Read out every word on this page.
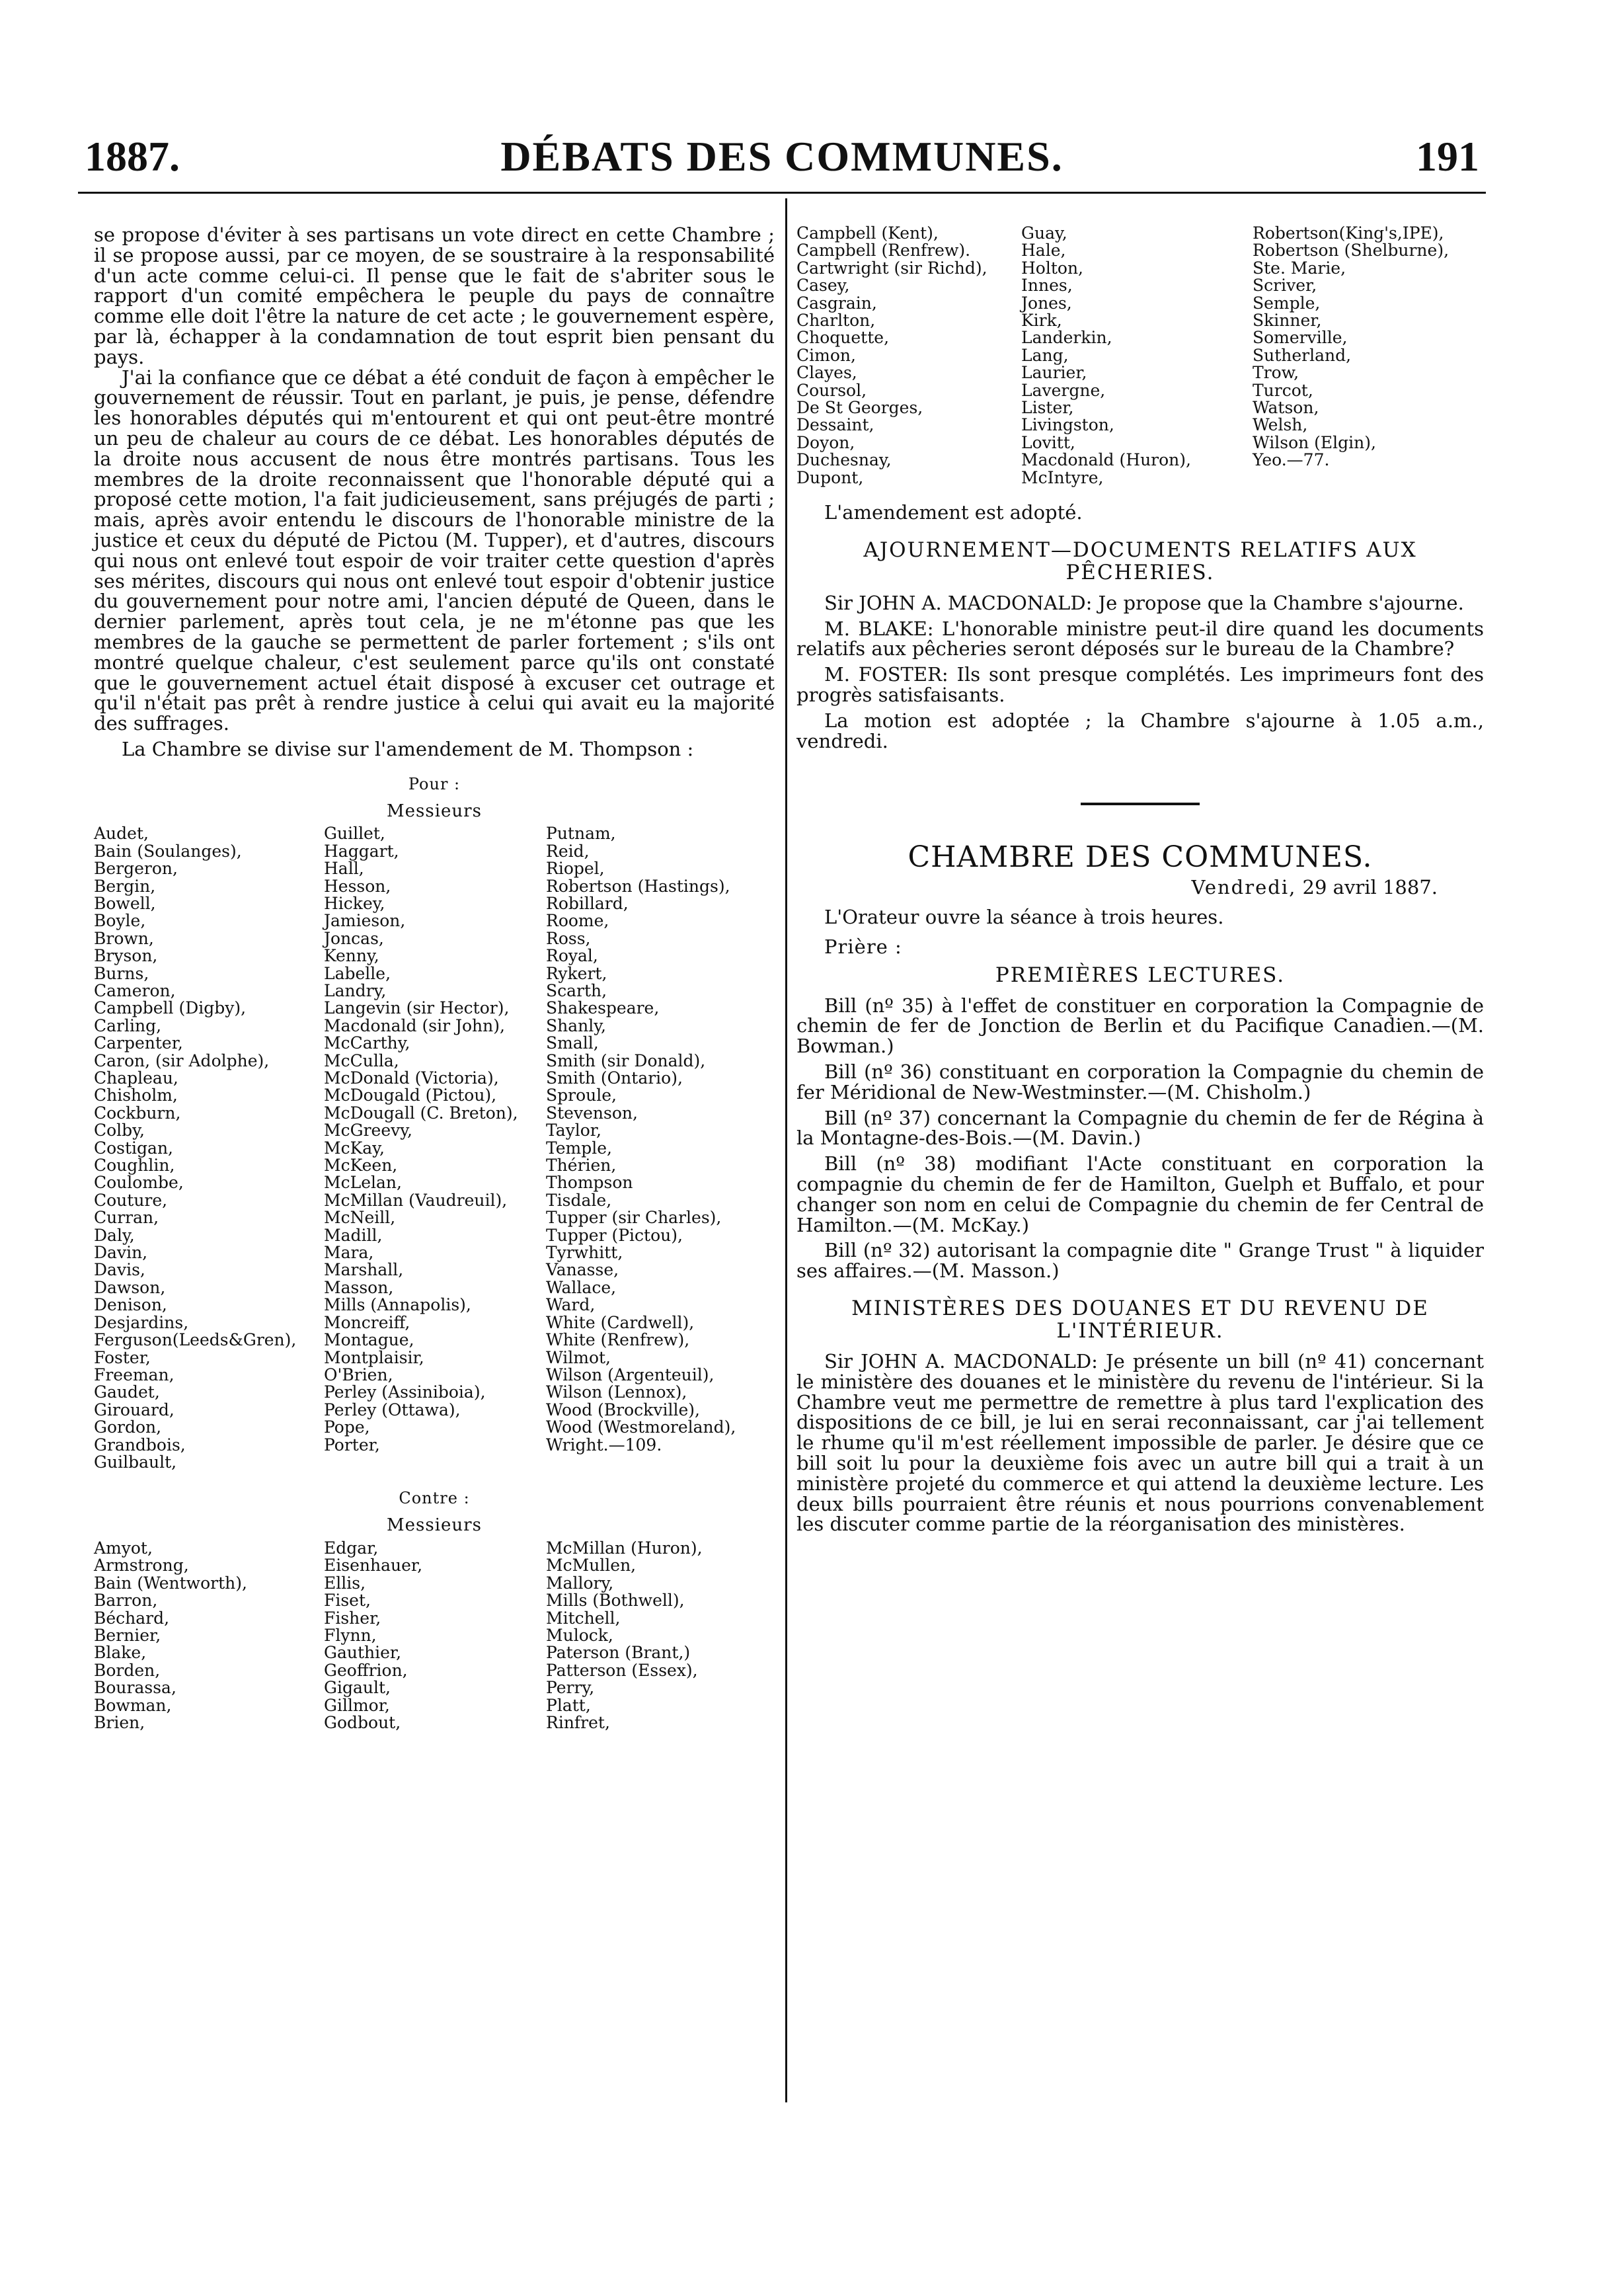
1887.	DÉBATS DES COMMUNES.	191

se propose d'éviter à ses partisans un vote direct en cette Chambre ; il se propose aussi, par ce moyen, de se soustraire à la responsabilité d'un acte comme celui-ci. Il pense que le fait de s'abriter sous le rapport d'un comité empêchera le peuple du pays de connaître comme elle doit l'être la nature de cet acte ; le gouvernement espère, par là, échapper à la condamnation de tout esprit bien pensant du pays.

J'ai la confiance que ce débat a été conduit de façon à empêcher le gouvernement de réussir. Tout en parlant, je puis, je pense, défendre les honorables députés qui m'entourent et qui ont peut-être montré un peu de chaleur au cours de ce débat. Les honorables députés de la droite nous accusent de nous être montrés partisans. Tous les membres de la droite reconnaissent que l'honorable député qui a proposé cette motion, l'a fait judicieusement, sans préjugés de parti ; mais, après avoir entendu le discours de l'honorable ministre de la justice et ceux du député de Pictou (M. Tupper), et d'autres, discours qui nous ont enlevé tout espoir de voir traiter cette question d'après ses mérites, discours qui nous ont enlevé tout espoir d'obtenir justice du gouvernement pour notre ami, l'ancien député de Queen, dans le dernier parlement, après tout cela, je ne m'étonne pas que les membres de la gauche se permettent de parler fortement ; s'ils ont montré quelque chaleur, c'est seulement parce qu'ils ont constaté que le gouvernement actuel était disposé à excuser cet outrage et qu'il n'était pas prêt à rendre justice à celui qui avait eu la majorité des suffrages.

La Chambre se divise sur l'amendement de M. Thompson :

Pour :
Messieurs
Audet,
Bain (Soulanges),
Bergeron,
Bergin,
Bowell,
Boyle,
Brown,
Bryson,
Burns,
Cameron,
Campbell (Digby),
Carling,
Carpenter,
Caron, (sir Adolphe),
Chapleau,
Chisholm,
Cockburn,
Colby,
Costigan,
Coughlin,
Coulombe,
Couture,
Curran,
Daly,
Davin,
Davis,
Dawson,
Denison,
Desjardins,
Ferguson(Leeds&Gren),
Foster,
Freeman,
Gaudet,
Girouard,
Gordon,
Grandbois,
Guilbault,
Guillet,
Haggart,
Hall,
Hesson,
Hickey,
Jamieson,
Joncas,
Kenny,
Labelle,
Landry,
Langevin (sir Hector),
Macdonald (sir John),
McCarthy,
McCulla,
McDonald (Victoria),
McDougald (Pictou),
McDougall (C. Breton),
McGreevy,
McKay,
McKeen,
McLelan,
McMillan (Vaudreuil),
McNeill,
Madill,
Mara,
Marshall,
Masson,
Mills (Annapolis),
Moncreiff,
Montague,
Montplaisir,
O'Brien,
Perley (Assiniboia),
Perley (Ottawa),
Pope,
Porter,
Putnam,
Reid,
Riopel,
Robertson (Hastings),
Robillard,
Roome,
Ross,
Royal,
Rykert,
Scarth,
Shakespeare,
Shanly,
Small,
Smith (sir Donald),
Smith (Ontario),
Sproule,
Stevenson,
Taylor,
Temple,
Thérien,
Thompson
Tisdale,
Tupper (sir Charles),
Tupper (Pictou),
Tyrwhitt,
Vanasse,
Wallace,
Ward,
White (Cardwell),
White (Renfrew),
Wilmot,
Wilson (Argenteuil),
Wilson (Lennox),
Wood (Brockville),
Wood (Westmoreland),
Wright.—109.
Contre :
Messieurs
Amyot,
Armstrong,
Bain (Wentworth),
Barron,
Béchard,
Bernier,
Blake,
Borden,
Bourassa,
Bowman,
Brien,
Edgar,
Eisenhauer,
Ellis,
Fiset,
Fisher,
Flynn,
Gauthier,
Geoffrion,
Gigault,
Gillmor,
Godbout,
McMillan (Huron),
McMullen,
Mallory,
Mills (Bothwell),
Mitchell,
Mulock,
Paterson (Brant,)
Patterson (Essex),
Perry,
Platt,
Rinfret,
Campbell (Kent),
Campbell (Renfrew).
Cartwright (sir Richd),
Casey,
Casgrain,
Charlton,
Choquette,
Cimon,
Clayes,
Coursol,
De St Georges,
Dessaint,
Doyon,
Duchesnay,
Dupont,
Guay,
Hale,
Holton,
Innes,
Jones,
Kirk,
Landerkin,
Lang,
Laurier,
Lavergne,
Lister,
Livingston,
Lovitt,
Macdonald (Huron),
McIntyre,
Robertson(King's,IPE),
Robertson (Shelburne),
Ste. Marie,
Scriver,
Semple,
Skinner,
Somerville,
Sutherland,
Trow,
Turcot,
Watson,
Welsh,
Wilson (Elgin),
Yeo.—77.

L'amendement est adopté.

AJOURNEMENT—DOCUMENTS RELATIFS AUX PÊCHERIES.

Sir JOHN A. MACDONALD: Je propose que la Chambre s'ajourne.

M. BLAKE: L'honorable ministre peut-il dire quand les documents relatifs aux pêcheries seront déposés sur le bureau de la Chambre?

M. FOSTER: Ils sont presque complétés. Les imprimeurs font des progrès satisfaisants.

La motion est adoptée ; la Chambre s'ajourne à 1.05 a.m., vendredi.

CHAMBRE DES COMMUNES.
Vendredi, 29 avril 1887.

L'Orateur ouvre la séance à trois heures.

Prière :

PREMIÈRES LECTURES.

Bill (nº 35) à l'effet de constituer en corporation la Compagnie de chemin de fer de Jonction de Berlin et du Pacifique Canadien.—(M. Bowman.)

Bill (nº 36) constituant en corporation la Compagnie du chemin de fer Méridional de New-Westminster.—(M. Chisholm.)

Bill (nº 37) concernant la Compagnie du chemin de fer de Régina à la Montagne-des-Bois.—(M. Davin.)

Bill (nº 38) modifiant l'Acte constituant en corporation la compagnie du chemin de fer de Hamilton, Guelph et Buffalo, et pour changer son nom en celui de Compagnie du chemin de fer Central de Hamilton.—(M. McKay.)

Bill (nº 32) autorisant la compagnie dite " Grange Trust " à liquider ses affaires.—(M. Masson.)

MINISTÈRES DES DOUANES ET DU REVENU DE L'INTÉRIEUR.

Sir JOHN A. MACDONALD: Je présente un bill (nº 41) concernant le ministère des douanes et le ministère du revenu de l'intérieur. Si la Chambre veut me permettre de remettre à plus tard l'explication des dispositions de ce bill, je lui en serai reconnaissant, car j'ai tellement le rhume qu'il m'est réellement impossible de parler. Je désire que ce bill soit lu pour la deuxième fois avec un autre bill qui a trait à un ministère projeté du commerce et qui attend la deuxième lecture. Les deux bills pourraient être réunis et nous pourrions convenablement les discuter comme partie de la réorganisation des ministères.
